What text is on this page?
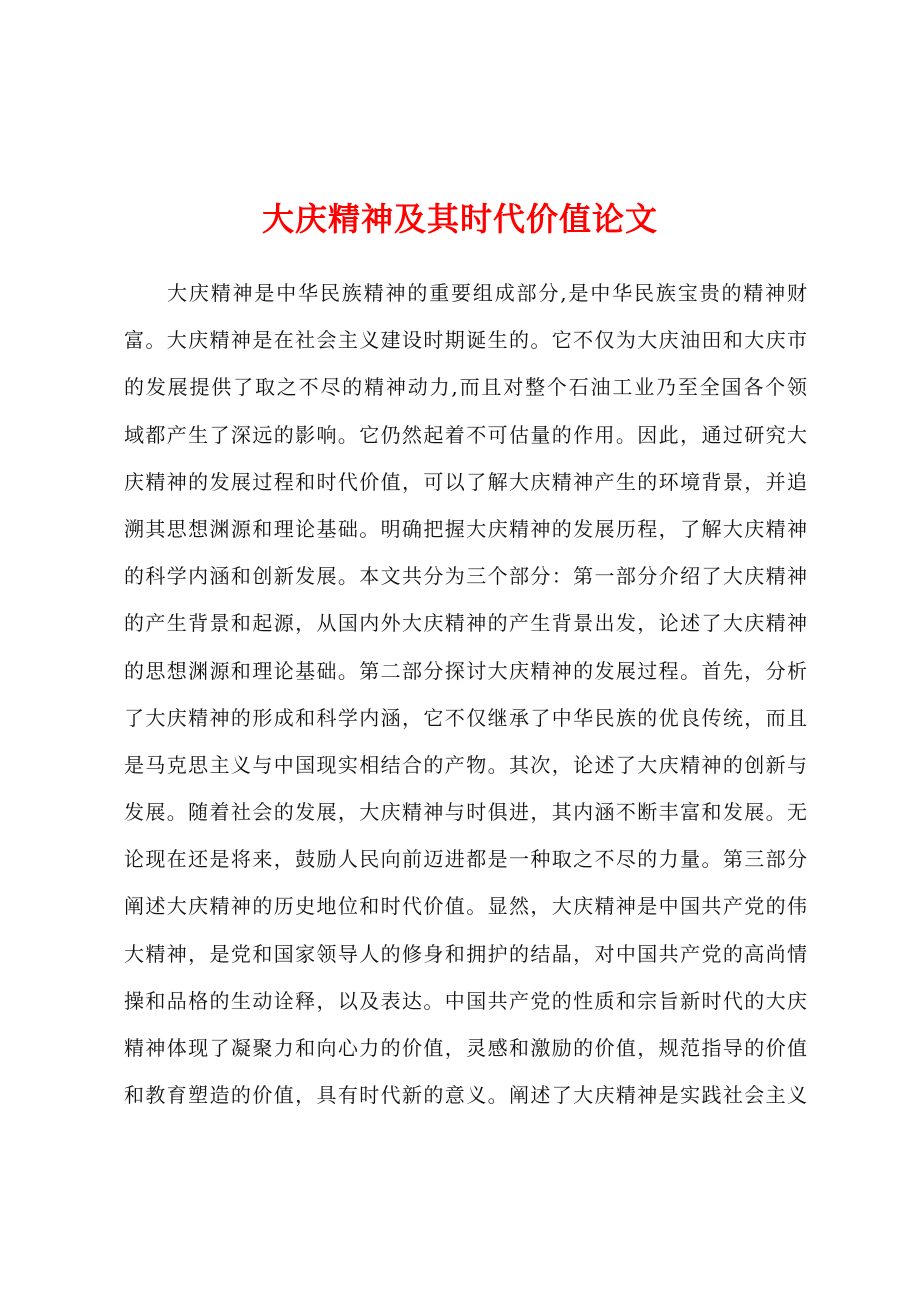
大庆精神及其时代价值论文
大庆精神是中华民族精神的重要组成部分,是中华民族宝贵的精神财
富。大庆精神是在社会主义建设时期诞生的。它不仅为大庆油田和大庆市
的发展提供了取之不尽的精神动力,而且对整个石油工业乃至全国各个领
域都产生了深远的影响。它仍然起着不可估量的作用。因此，通过研究大
庆精神的发展过程和时代价值，可以了解大庆精神产生的环境背景，并追
溯其思想渊源和理论基础。明确把握大庆精神的发展历程，了解大庆精神
的科学内涵和创新发展。本文共分为三个部分：第一部分介绍了大庆精神
的产生背景和起源，从国内外大庆精神的产生背景出发，论述了大庆精神
的思想渊源和理论基础。第二部分探讨大庆精神的发展过程。首先，分析
了大庆精神的形成和科学内涵，它不仅继承了中华民族的优良传统，而且
是马克思主义与中国现实相结合的产物。其次，论述了大庆精神的创新与
发展。随着社会的发展，大庆精神与时俱进，其内涵不断丰富和发展。无
论现在还是将来，鼓励人民向前迈进都是一种取之不尽的力量。第三部分
阐述大庆精神的历史地位和时代价值。显然，大庆精神是中国共产党的伟
大精神，是党和国家领导人的修身和拥护的结晶，对中国共产党的高尚情
操和品格的生动诠释，以及表达。中国共产党的性质和宗旨新时代的大庆
精神体现了凝聚力和向心力的价值，灵感和激励的价值，规范指导的价值
和教育塑造的价值，具有时代新的意义。阐述了大庆精神是实践社会主义
